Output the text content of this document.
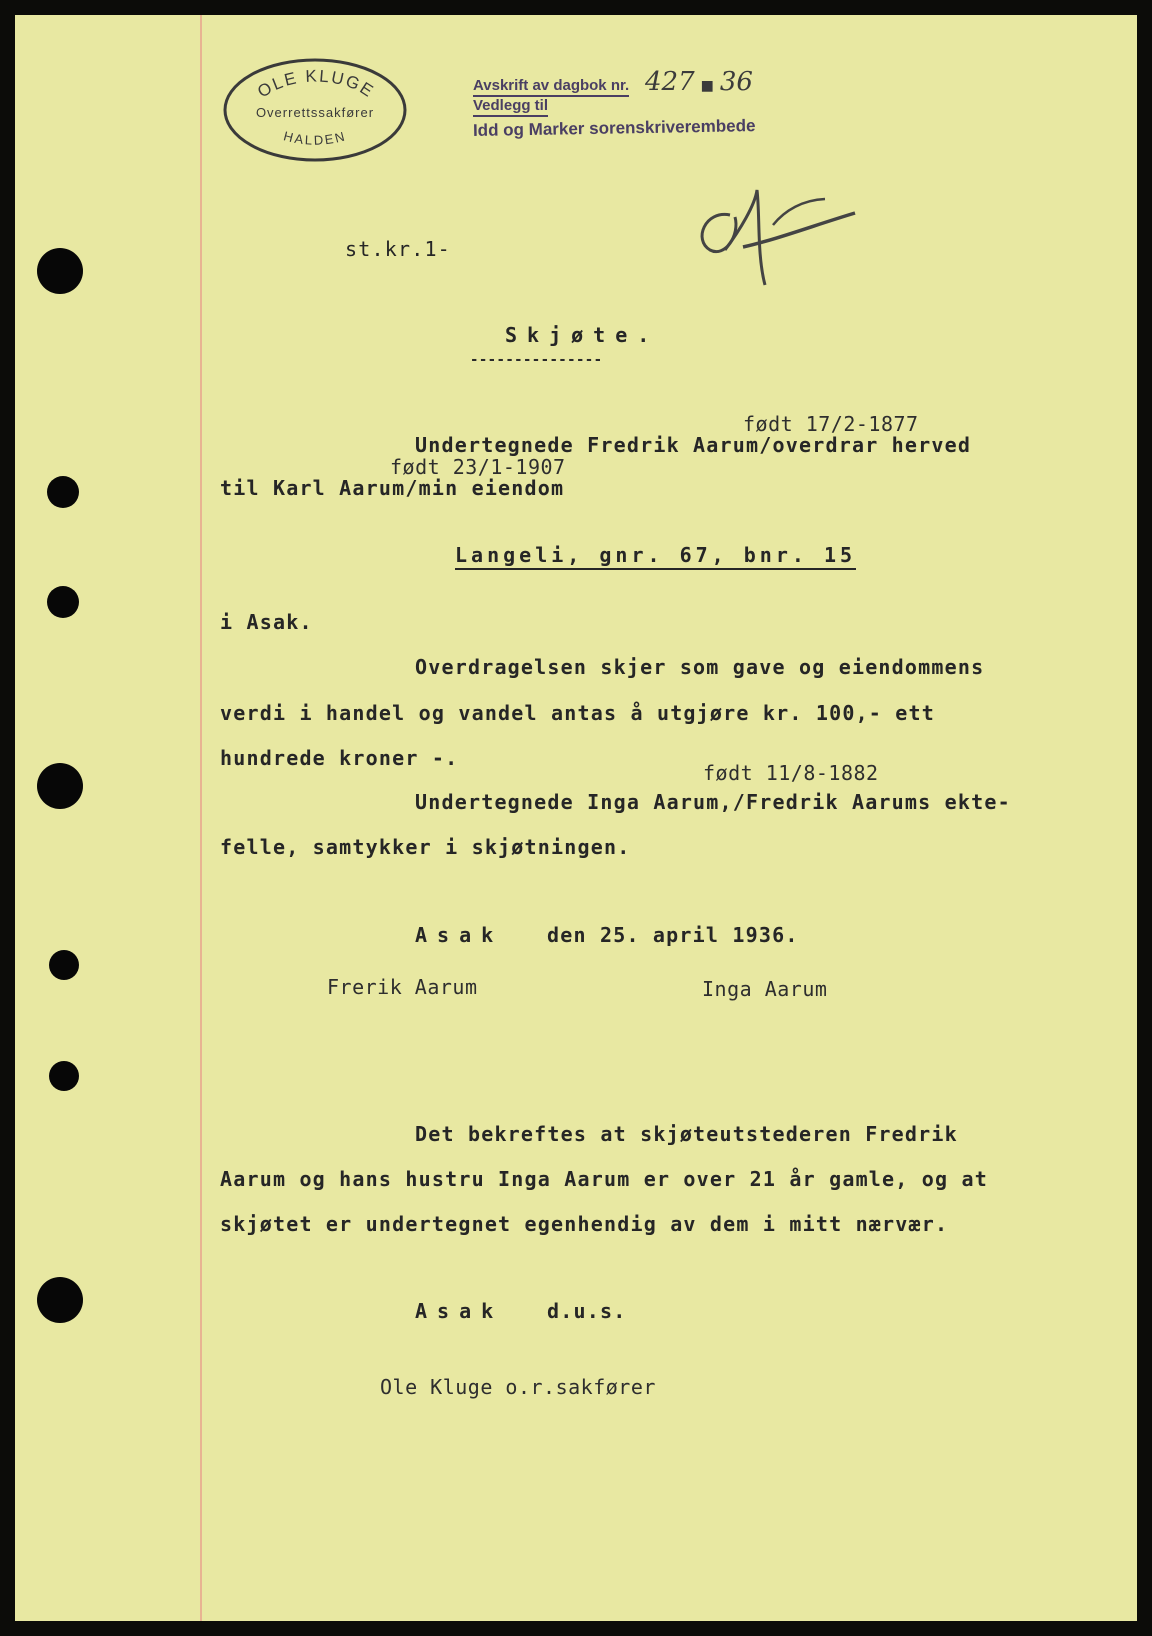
OLE KLUGE
Overrettssakfører
HALDEN
Avskrift av dagbok nr. 427 ■ 36
Vedlegg til
Idd og Marker sorenskriverembede
st.kr.1-
Skjøte.
---------------
født 17/2-1877
Undertegnede Fredrik Aarum/overdrar herved
født 23/1-1907
til Karl Aarum/min eiendom
Langeli, gnr. 67, bnr. 15
i Asak.
Overdragelsen skjer som gave og eiendommens
verdi i handel og vandel antas å utgjøre kr. 100,- ett
hundrede kroner -.
født 11/8-1882
Undertegnede Inga Aarum,/Fredrik Aarums ekte-
felle, samtykker i skjøtningen.
Asak den 25. april 1936.
Frerik Aarum	Inga Aarum
Det bekreftes at skjøteutstederen Fredrik
Aarum og hans hustru Inga Aarum er over 21 år gamle, og at
skjøtet er undertegnet egenhendig av dem i mitt nærvær.
Asak d.u.s.
Ole Kluge o.r.sakfører
